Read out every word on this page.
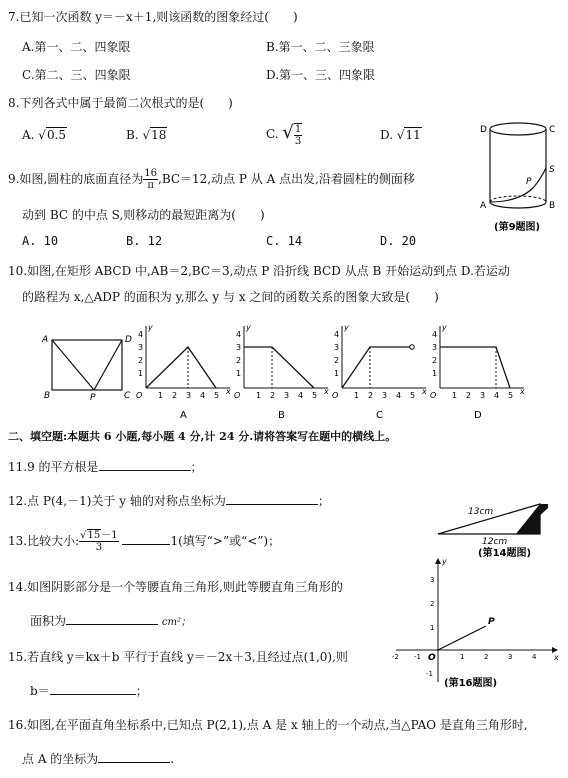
7.已知一次函数 y＝－x＋1,则该函数的图象经过(　　)
A.第一、二、四象限	B.第一、二、三象限
C.第二、三、四象限	D.第一、三、四象限
8.下列各式中属于最简二次根式的是(　　)
A. √0.5	B. √18	C. √ $\frac{1}{3}$	D. √11
9.如图,圆柱的底面直径为 $\frac{16}{\pi} ,BC=12$,动点 P 从 A 点出发,沿着圆柱的侧面移
动到 BC 的中点 S,则移动的最短距离为(　　)
A. 10	B. 12	C. 14	D. 20
D	C
A	B
P
S
(第9题图)
10.如图,在矩形 ABCD 中,AB＝2,BC＝3,动点 P 沿折线 BCD 从点 B 开始运动到点 D.若运动
的路程为 x,△ADP 的面积为 y,那么 y 与 x 之间的函数关系的图象大致是(　　)
A	D
B	P	C
y
x
O 1 2 3 4 5
1
2
3
4
A
y
x
O 1 2 3 4 5
1
2
3
4
B
y
x
O 1 2 3 4 5
1
2
3
4
C
y
x
O 1 2 3 4 5
1
2
3
4
D
二、填空题:本题共 6 小题,每小题 4 分,计 24 分.请将答案写在题中的横线上。
11.9 的平方根是	；
12.点 P(4,－1)关于 y 轴的对称点坐标为	；
13.比较大小: $\frac{√15-1}{3}$	1(填写“>”或“<”)；
14.如图阴影部分是一个等腰直角三角形,则此等腰直角三角形的
面积为	cm²；
15.若直线 y＝kx＋b 平行于直线 y＝－2x＋3,且经过点(1,0),则
b＝	；
16.如图,在平面直角坐标系中,已知点 P(2,1),点 A 是 x 轴上的一个动点,当△PAO 是直角三角形时,
点 A 的坐标为	.
13cm
12cm
(第14题图)
x
y
O
P
-2 -1	1	2	3	4
3
2
1
-1
(第16题图)
